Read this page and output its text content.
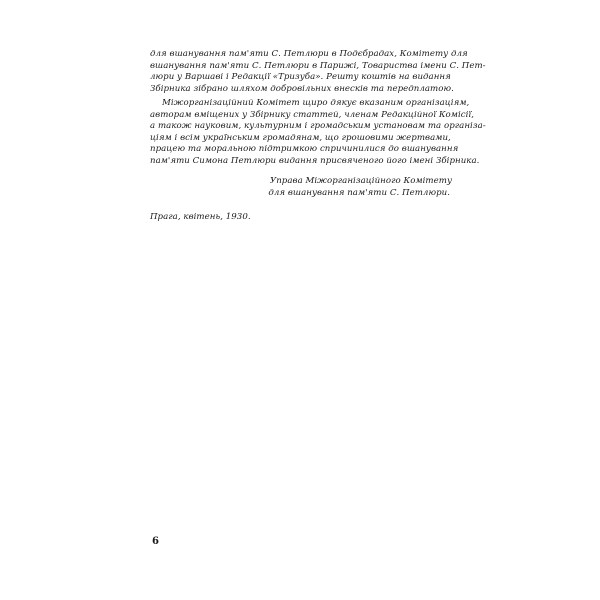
для вшанування пам'яти С. Петлюри в Подєбрадах, Комітету для
вшанування пам'яти С. Петлюри в Парижі, Товариства імени С. Пет-
люри у Варшаві і Редакції «Тризуба». Решту коштів на видання
Збірника зібрано шляхом добровільних внесків та передплатою.
Міжорганізаційний Комітет щиро дякує вказаним організаціям,
авторам вміщених у Збірнику статтей, членам Редакційної Комісії,
а також науковим, культурним і громадським установам та організа-
ціям і всім українським громадянам, що грошовими жертвами,
працею та моральною підтримкою спричинилися до вшанування
пам'яти Симона Петлюри видання присвяченого його імені Збірника.
Управа Міжорганізаційного Комітету
для вшанування пам'яти С. Петлюри.
Прага, квітень, 1930.
6
